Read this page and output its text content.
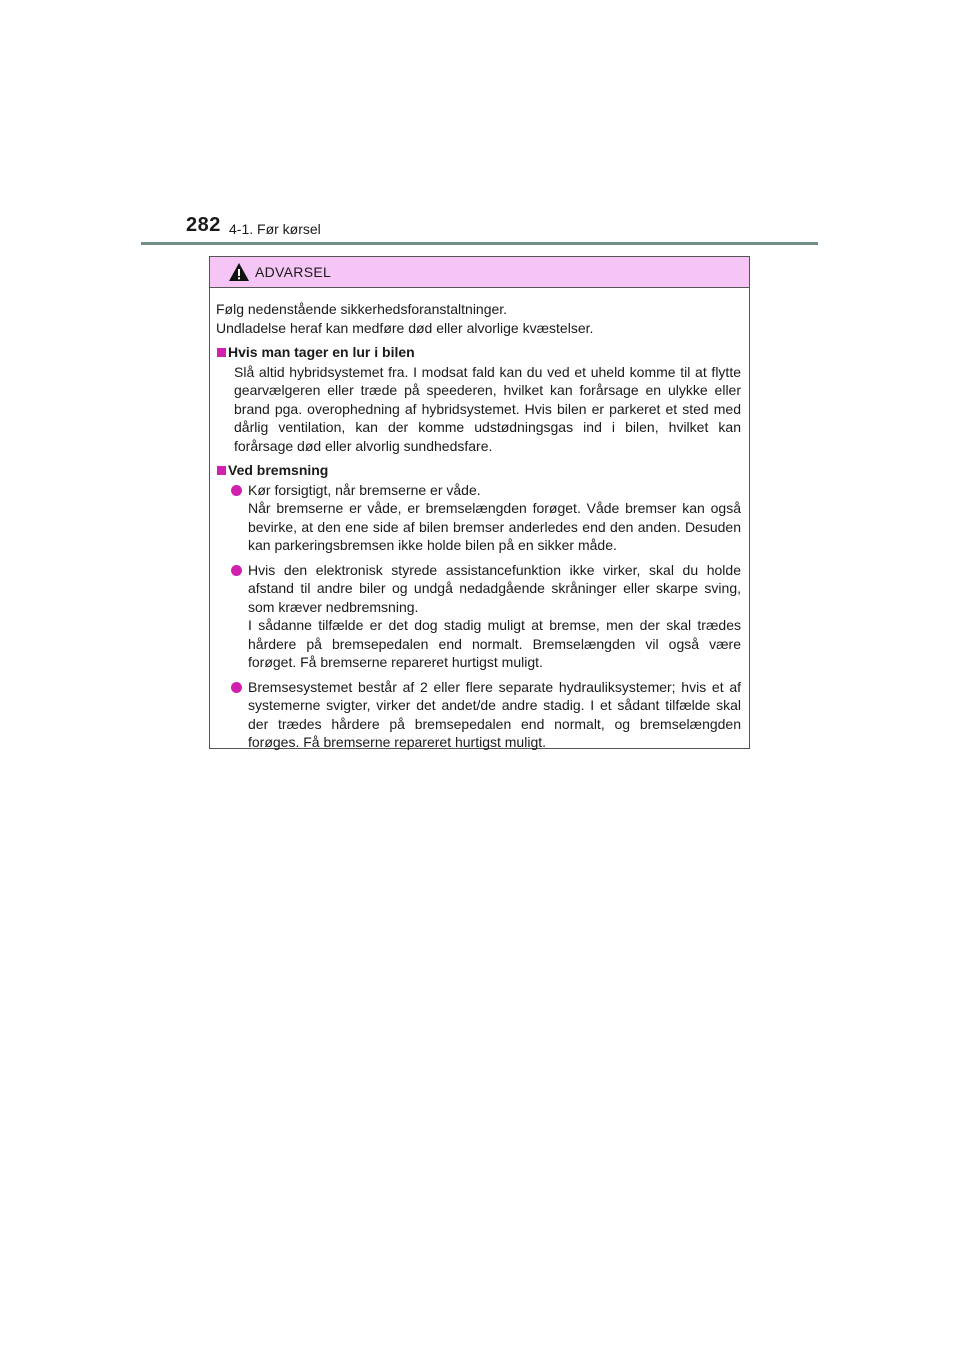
282 4-1. Før kørsel
ADVARSEL

Følg nedenstående sikkerhedsforanstaltninger.
Undladelse heraf kan medføre død eller alvorlige kvæstelser.

Hvis man tager en lur i bilen

Slå altid hybridsystemet fra. I modsat fald kan du ved et uheld komme til at flytte gearvælgeren eller træde på speederen, hvilket kan forårsage en ulykke eller brand pga. overophedning af hybridsystemet. Hvis bilen er parkeret et sted med dårlig ventilation, kan der komme udstødningsgas ind i bilen, hvilket kan forårsage død eller alvorlig sundhedsfare.

Ved bremsning
Kør forsigtigt, når bremserne er våde.
Når bremserne er våde, er bremselængden forøget. Våde bremser kan også bevirke, at den ene side af bilen bremser anderledes end den anden. Desuden kan parkeringsbremsen ikke holde bilen på en sikker måde.
Hvis den elektronisk styrede assistancefunktion ikke virker, skal du holde afstand til andre biler og undgå nedadgående skråninger eller skarpe sving, som kræver nedbremsning.
I sådanne tilfælde er det dog stadig muligt at bremse, men der skal trædes hårdere på bremsepedalen end normalt. Bremselængden vil også være forøget. Få bremserne repareret hurtigst muligt.
Bremsesystemet består af 2 eller flere separate hydrauliksystemer; hvis et af systemerne svigter, virker det andet/de andre stadig. I et sådant tilfælde skal der trædes hårdere på bremsepedalen end normalt, og bremselængden forøges. Få bremserne repareret hurtigst muligt.
